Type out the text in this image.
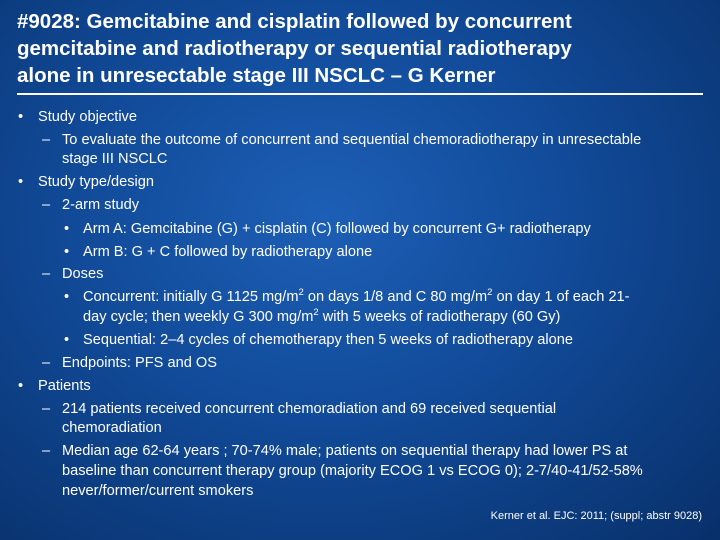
#9028: Gemcitabine and cisplatin followed by concurrent
gemcitabine and radiotherapy or sequential radiotherapy
alone in unresectable stage III NSCLC – G Kerner
• Study objective
– To evaluate the outcome of concurrent and sequential chemoradiotherapy in unresectable
stage III NSCLC
• Study type/design
– 2-arm study
• Arm A: Gemcitabine (G) + cisplatin (C) followed by concurrent G+ radiotherapy
• Arm B: G + C followed by radiotherapy alone
– Doses
• Concurrent: initially G 1125 $mg/m^2$ on days 1/8 and C 80 $mg/m^2$ on day 1 of each 21-
day cycle; then weekly G 300 $mg/m^2$ with 5 weeks of radiotherapy (60 Gy)
• Sequential: 2–4 cycles of chemotherapy then 5 weeks of radiotherapy alone
– Endpoints: PFS and OS
• Patients
– 214 patients received concurrent chemoradiation and 69 received sequential
chemoradiation
– Median age 62-64 years ; 70-74% male; patients on sequential therapy had lower PS at
baseline than concurrent therapy group (majority ECOG 1 vs ECOG 0); 2-7/40-41/52-58%
never/former/current smokers
Kerner et al. EJC: 2011; (suppl; abstr 9028)
